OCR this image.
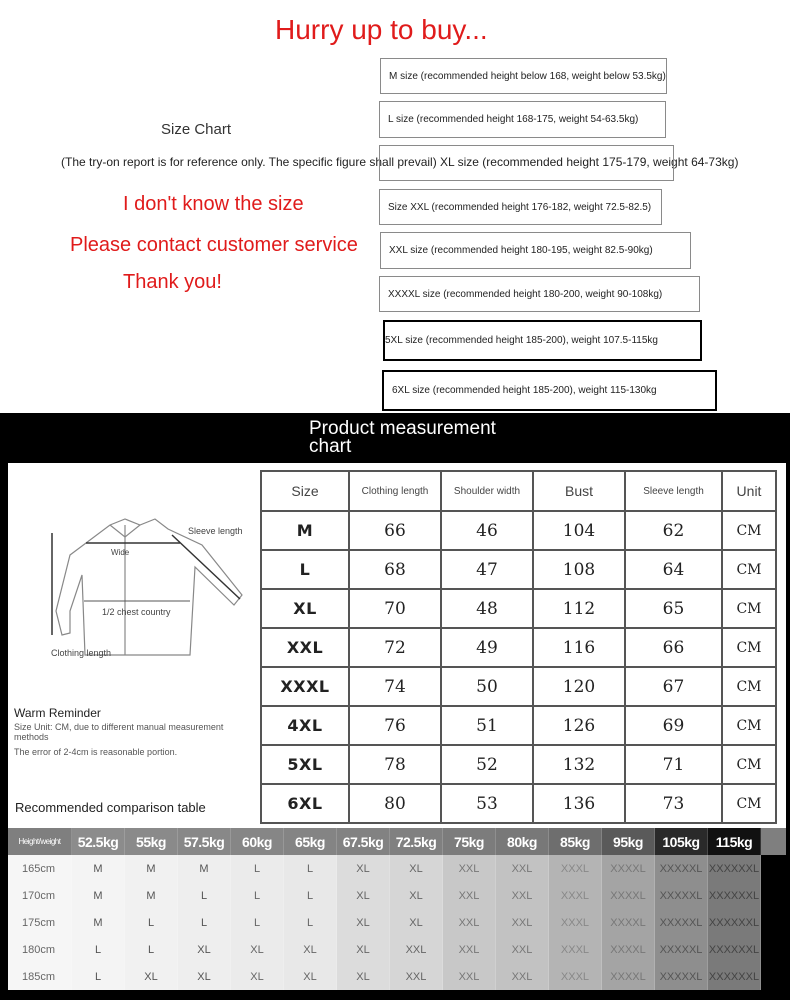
Hurry up to buy...
Size Chart
(The try-on report is for reference only. The specific figure shall prevail) XL size (recommended height 175-179, weight 64-73kg)
I don't know the size
Please contact customer service
Thank you!
M size (recommended height below 168, weight below 53.5kg)
L size (recommended height 168-175, weight 54-63.5kg)
Size XXL (recommended height 176-182, weight 72.5-82.5)
XXL size (recommended height 180-195, weight 82.5-90kg)
XXXXL size (recommended height 180-200, weight 90-108kg)
5XL size (recommended height 185-200), weight 107.5-115kg
6XL size (recommended height 185-200), weight 115-130kg
Product measurement
chart
Sleeve length
Wide
1/2 chest country
Clothing length
Warm Reminder
Size Unit: CM, due to different manual measurement methods
The error of 2-4cm is reasonable portion.
Recommended comparison table
Size	Clothing length	Shoulder width	Bust	Sleeve length	Unit
M	66	46	104	62	CM
L	68	47	108	64	CM
XL	70	48	112	65	CM
XXL	72	49	116	66	CM
XXXL	74	50	120	67	CM
4XL	76	51	126	69	CM
5XL	78	52	132	71	CM
6XL	80	53	136	73	CM
Height/weight	52.5kg	55kg	57.5kg	60kg	65kg	67.5kg 72.5kg	75kg	80kg	85kg	95kg	105kg	115kg
165cm	M	M	M	L	L	XL	XL	XXL	XXL	XXXL	XXXXL	XXXXXL XXXXXXL
170cm	M	M	L	L	L	XL	XL	XXL	XXL	XXXL	XXXXL	XXXXXL XXXXXXL
175cm	M	L	L	L	L	XL	XL	XXL	XXL	XXXL	XXXXL	XXXXXL XXXXXXL
180cm	L	L	XL	XL	XL	XL	XXL	XXL	XXL	XXXL	XXXXL	XXXXXL XXXXXXL
185cm	L	XL	XL	XL	XL	XL	XXL	XXL	XXL	XXXL	XXXXL	XXXXXL XXXXXXL
